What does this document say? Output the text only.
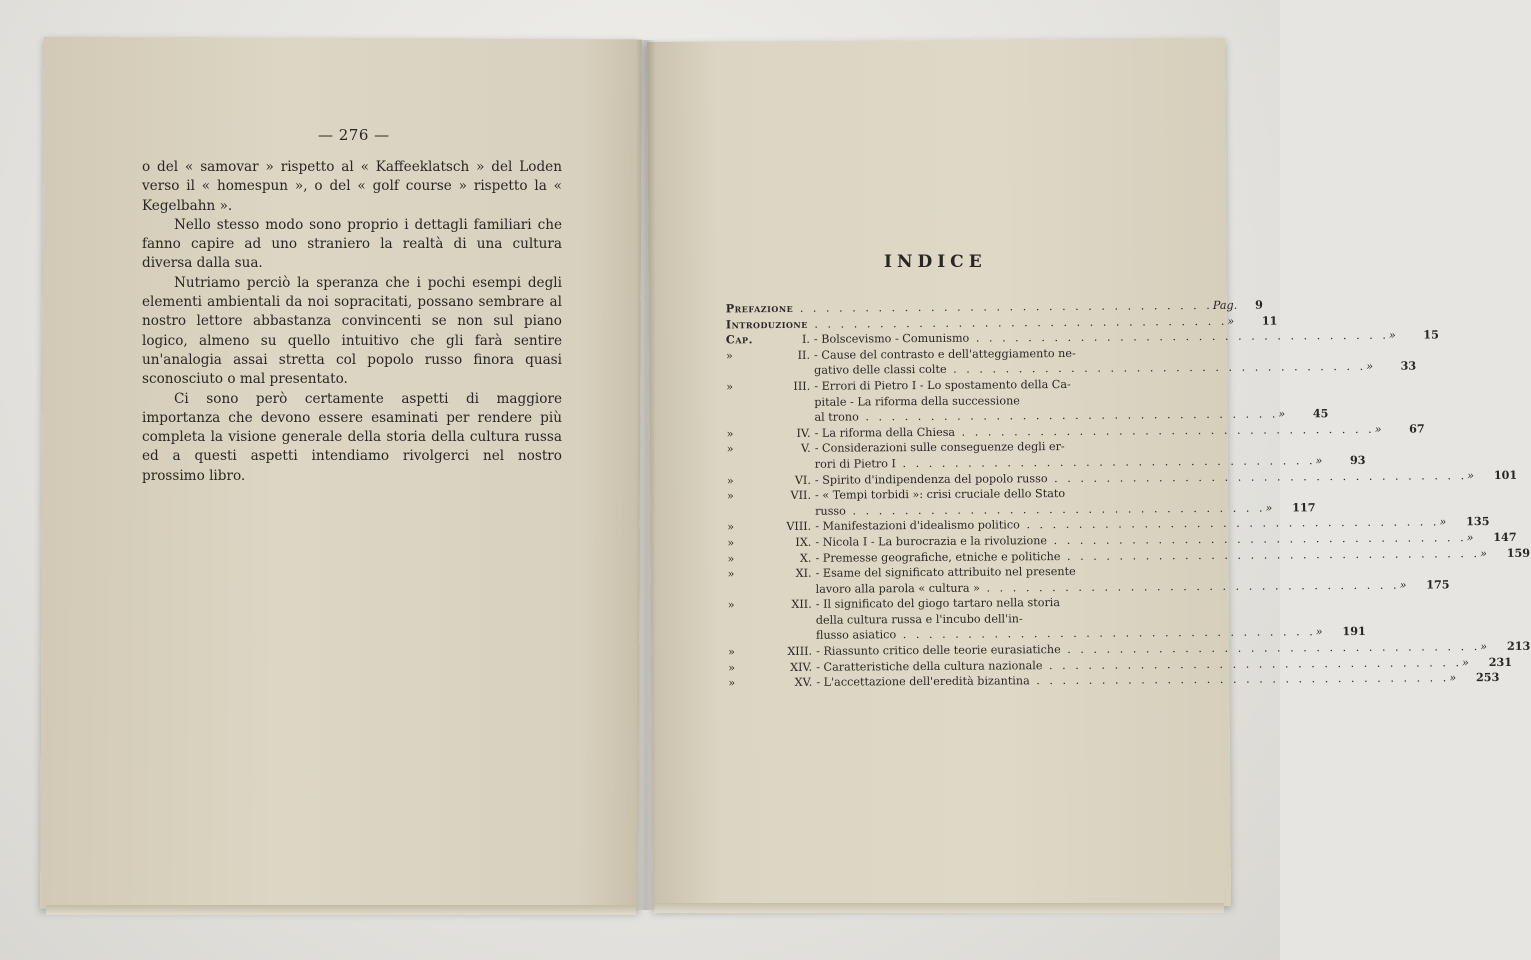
— 276 —

o del « samovar » rispetto al « Kaffeeklatsch » del Loden verso il « homespun », o del « golf course » rispetto la « Kegelbahn ».

Nello stesso modo sono proprio i dettagli familiari che fanno capire ad uno straniero la realtà di una cultura diversa dalla sua.

Nutriamo perciò la speranza che i pochi esempi degli elementi ambientali da noi sopracitati, possano sembrare al nostro lettore abbastanza convincenti se non sul piano logico, almeno su quello intuitivo che gli farà sentire un'analogia assai stretta col popolo russo finora quasi sconosciuto o mal presentato.

Ci sono però certamente aspetti di maggiore importanza che devono essere esaminati per rendere più completa la visione generale della storia della cultura russa ed a questi aspetti intendiamo rivolgerci nel nostro prossimo libro.

INDICE
Prefazione . . . . . . . . . . . . . . . . . . . . . . . . . . . . . . . . Pag.	9
Introduzione . . . . . . . . . . . . . . . . . . . . . . . . . . . . . . . . »	11
Cap.	I. - Bolscevismo - Comunismo . . . . . . . . . . . . . . . . . . . . . . . . . . . . . . . . »	15
»	II. - Cause del contrasto e dell'atteggiamento ne-
gativo delle classi colte . . . . . . . . . . . . . . . . . . . . . . . . . . . . . . . . »	33
»	III. - Errori di Pietro I - Lo spostamento della Ca-
pitale - La riforma della successione
al trono . . . . . . . . . . . . . . . . . . . . . . . . . . . . . . . . »	45
»	IV. - La riforma della Chiesa . . . . . . . . . . . . . . . . . . . . . . . . . . . . . . . . »	67
»	V. - Considerazioni sulle conseguenze degli er-
rori di Pietro I . . . . . . . . . . . . . . . . . . . . . . . . . . . . . . . . »	93
»	VI. - Spirito d'indipendenza del popolo russo . . . . . . . . . . . . . . . . . . . . . . . . . . . . . . . . »	101
»	VII. - « Tempi torbidi »: crisi cruciale dello Stato
russo . . . . . . . . . . . . . . . . . . . . . . . . . . . . . . . . »	117
»	VIII. - Manifestazioni d'idealismo politico . . . . . . . . . . . . . . . . . . . . . . . . . . . . . . . . »	135
»	IX. - Nicola I - La burocrazia e la rivoluzione . . . . . . . . . . . . . . . . . . . . . . . . . . . . . . . . »	147
»	X. - Premesse geografiche, etniche e politiche . . . . . . . . . . . . . . . . . . . . . . . . . . . . . . . . »	159
»	XI. - Esame del significato attribuito nel presente
lavoro alla parola « cultura » . . . . . . . . . . . . . . . . . . . . . . . . . . . . . . . . »	175
»	XII. - Il significato del giogo tartaro nella storia
della cultura russa e l'incubo dell'in-
flusso asiatico . . . . . . . . . . . . . . . . . . . . . . . . . . . . . . . . »	191
»	XIII. - Riassunto critico delle teorie eurasiatiche . . . . . . . . . . . . . . . . . . . . . . . . . . . . . . . . »	213
»	XIV. - Caratteristiche della cultura nazionale . . . . . . . . . . . . . . . . . . . . . . . . . . . . . . . . »	231
»	XV. - L'accettazione dell'eredità bizantina . . . . . . . . . . . . . . . . . . . . . . . . . . . . . . . . »	253
